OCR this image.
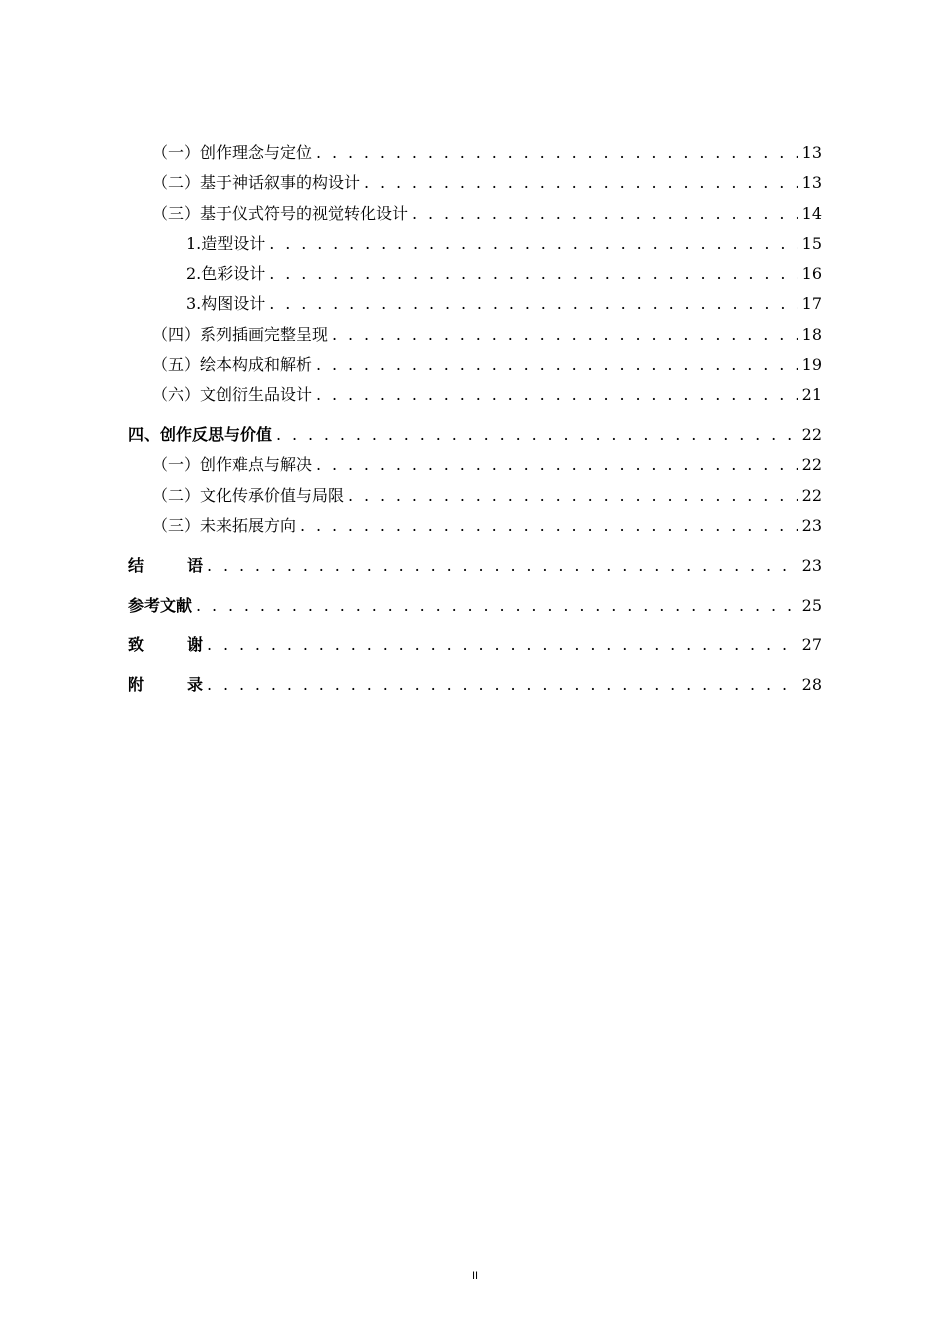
（一）创作理念与定位 . . .	13
（二）基于神话叙事的构设计 . . .	13
（三）基于仪式符号的视觉转化设计 . . .	14
1.造型设计 . . .	15
2.色彩设计 . . .	16
3.构图设计 . . .	17
（四）系列插画完整呈现 . . .	18
（五）绘本构成和解析 . . .	19
（六）文创衍生品设计 . . .	21
四、创作反思与价值 . . .	22
（一）创作难点与解决 . . .	22
（二）文化传承价值与局限 . . .	22
（三）未来拓展方向 . . .	23
结	语 . . .	23
参考文献 . . .	25
致	谢 . . .	27
附	录 . . .	28
II
